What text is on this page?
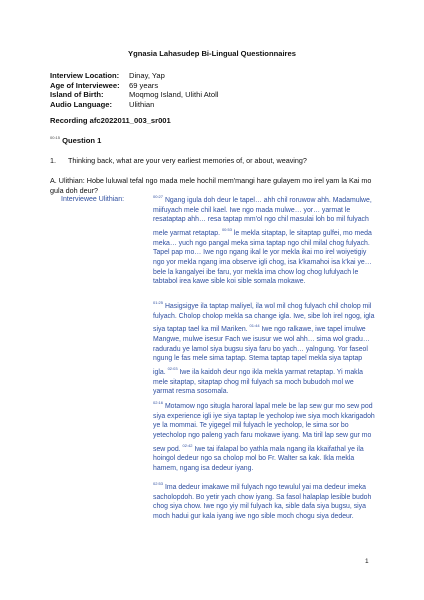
Ygnasia Lahasudep Bi-Lingual Questionnaires
Interview Location:	Dinay, Yap
Age of Interviewee:	69 years
Island of Birth:	Moqmog Island, Ulithi Atoll
Audio Language:	Ulithian
Recording afc2022011_003_sr001
$^{00:15}$ Question 1
1. Thinking back, what are your very earliest memories of, or about, weaving?
A. Ulithian: Hobe luluwal tefal ngo mada mele hochil mem'mangi hare gulayem mo irel yam la Kai mo gula doh deur?
Interviewee Ulithian:	$^{00:27}$ Ngang igula doh deur le tapel… ahh chil roruwow ahh. Madamulwe, miifuyach mele chil kael. Iwe ngo mada mulwe… yor… yarmat le resataptap ahh… resa taptap mm'ol ngo chil masulai loh bo mil fulyach mele yarmat retaptap. $^{00:53}$ le mekla sitaptap, le sitaptap gulfei, mo meda meka… yuch ngo pangal meka sima taptap ngo chil milal chog fulyach. Tapel pap mo… Iwe ngo ngang ikal le yor mekla ikai mo irel woiyetigiy ngo yor mekla ngang ima observe igli chog, isa k'kamahoi isa k'kai ye… bele la kangalyei ibe faru, yor mekla ima chow log chog lufulyach le tabtabol irea kawe sible koi sible somala mokawe.
$^{01:25}$ Hasigsigye ila taptap maliyel, ila wol mil chog fulyach chil cholop mil fulyach. Cholop cholop mekla sa change igla. Iwe, sibe loh irel ngog, igla siya taptap tael ka mil Mariken. $^{01:44}$ Iwe ngo ralkawe, iwe tapel imulwe Mangwe, mulwe isesur Fach we isusur we wol ahh… sima wol gradu… raduradu ye lamol siya bugsu siya faru bo yach… yalngung. Yor faseol ngung le fas mele sima taptap. Stema taptap tapel mekla siya taptap igla. $^{02:03}$ Iwe ila kaidoh deur ngo ikla mekla yarmat retaptap. Yi makla mele sitaptap, sitaptap chog mil fulyach sa moch bubudoh mol we yarmat resma sosomala.
$^{02:16}$ Motamow ngo situgla haroral lapal mele be lap sew gur mo sew pod siya experience igli iye siya taptap le yecholop iwe siya moch kkarigadoh ye la mommai. Te yigegel mil fulyach le yecholop, le sima sor bo yetecholop ngo paleng yach faru mokawe iyang. Ma tiril lap sew gur mo sew pod. $^{02:42}$ Iwe tai ifalapal bo yathla mala ngang ila kkaifathal ye ila hoingol dedeur ngo sa cholop mol bo Fr. Walter sa kak. Ikla mekla hamem, ngang isa dedeur iyang.
$^{02:53}$ Ima dedeur imakawe mil fulyach ngo tewulul yai ma dedeur imeka sacholopdoh. Bo yetir yach chow iyang. Sa fasol halaplap lesible budoh chog siya chow. Iwe ngo yiy mil fulyach ka, sible dafa siya bugsu, siya moch hadui gur kala iyang iwe ngo sible moch chogu siya dedeur.
1
